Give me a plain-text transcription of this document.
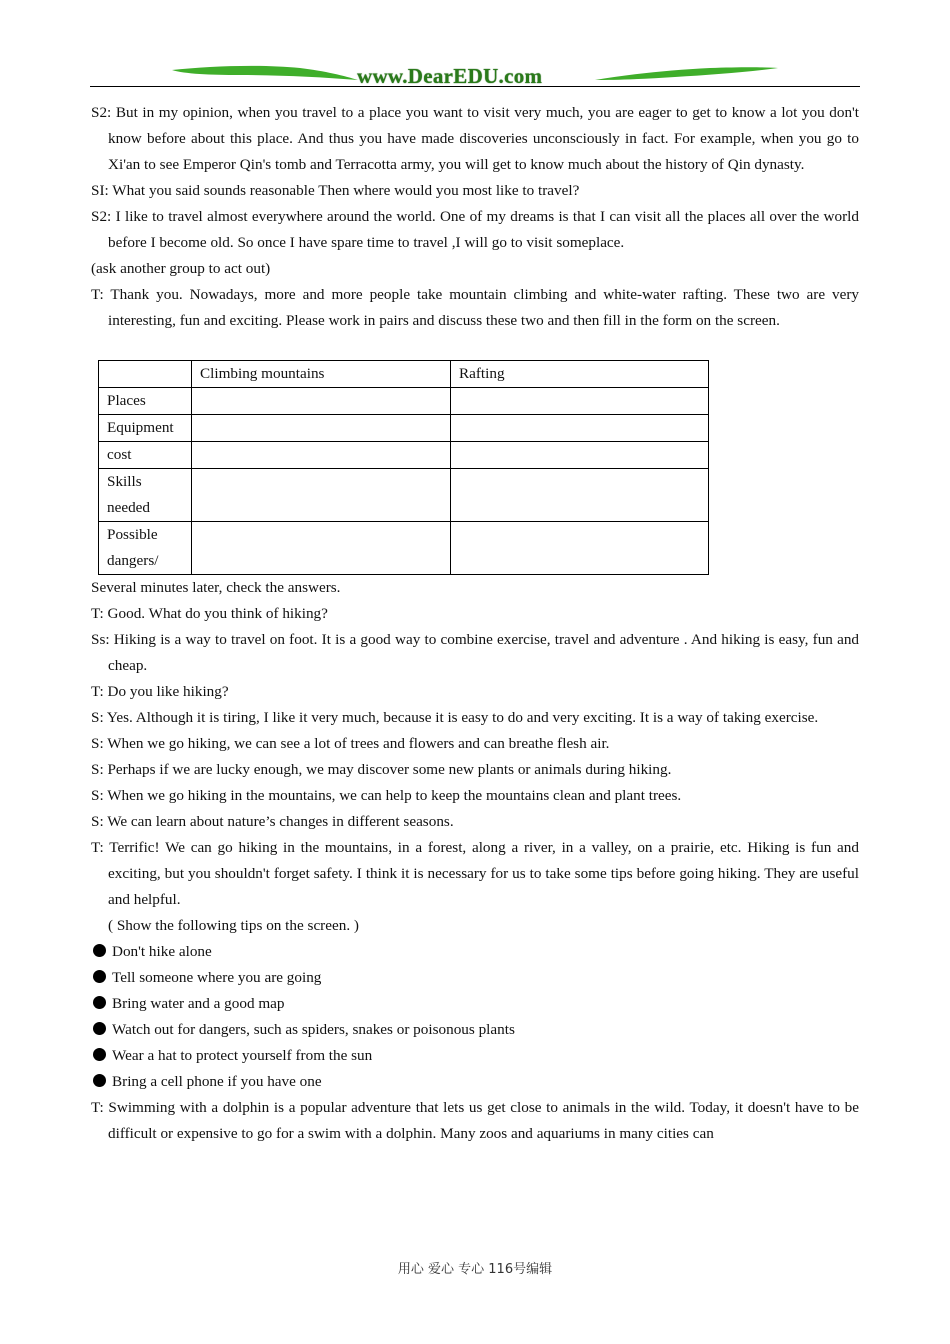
www.DearEDU.com

S2: But in my opinion, when you travel to a place you want to visit very much, you are eager to get to know a lot you don't know before about this place. And thus you have made discoveries unconsciously in fact. For example, when you go to Xi'an to see Emperor Qin's tomb and Terracotta army, you will get to know much about the history of Qin dynasty.

SI: What you said sounds reasonable Then where would you most like to travel?

S2: I like to travel almost everywhere around the world. One of my dreams is that I can visit all the places all over the world before I become old. So once I have spare time to travel ,I will go to visit someplace.

(ask another group to act out)

T: Thank you. Nowadays, more and more people take mountain climbing and white-water rafting. These two are very interesting, fun and exciting. Please work in pairs and discuss these two and then fill in the form on the screen.

	Climbing mountains	Rafting
Places		
Equipment		
cost		
Skills needed		
Possible dangers/		

Several minutes later, check the answers.

T: Good. What do you think of hiking?

Ss: Hiking is a way to travel on foot. It is a good way to combine exercise, travel and adventure . And hiking is easy, fun and cheap.

T: Do you like hiking?

S: Yes. Although it is tiring, I like it very much, because it is easy to do and very exciting. It is a way of taking exercise.

S: When we go hiking, we can see a lot of trees and flowers and can breathe flesh air.

S: Perhaps if we are lucky enough, we may discover some new plants or animals during hiking.

S: When we go hiking in the mountains, we can help to keep the mountains clean and plant trees.

S: We can learn about nature’s changes in different seasons.

T: Terrific! We can go hiking in the mountains, in a forest, along a river, in a valley, on a prairie, etc. Hiking is fun and exciting, but you shouldn't forget safety. I think it is necessary for us to take some tips before going hiking. They are useful and helpful.

( Show the following tips on the screen. )

Don't hike alone

Tell someone where you are going

Bring water and a good map

Watch out for dangers, such as spiders, snakes or poisonous plants

Wear a hat to protect yourself from the sun

Bring a cell phone if you have one

T: Swimming with a dolphin is a popular adventure that lets us get close to animals in the wild. Today, it doesn't have to be difficult or expensive to go for a swim with a dolphin. Many zoos and aquariums in many cities can

用心 爱心 专心 116号编辑
